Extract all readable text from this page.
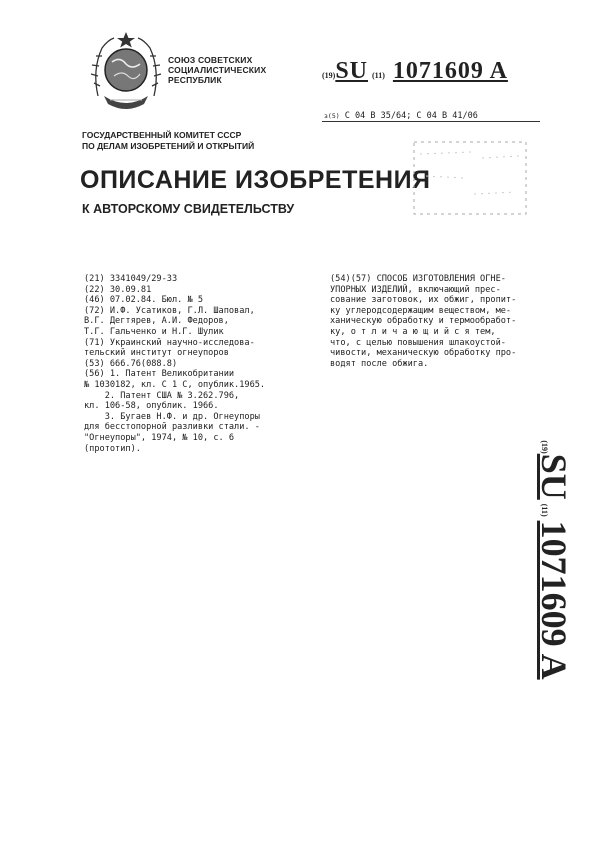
СОЮЗ СОВЕТСКИХ
СОЦИАЛИСТИЧЕСКИХ
РЕСПУБЛИК	(19)SU (11) 1071609 A
з(5) С 04 В 35/64; С 04 В 41/06
ГОСУДАРСТВЕННЫЙ КОМИТЕТ СССР
ПО ДЕЛАМ ИЗОБРЕТЕНИЙ И ОТКРЫТИЙ
ОПИСАНИЕ ИЗОБРЕТЕНИЯ
К АВТОРСКОМУ СВИДЕТЕЛЬСТВУ
(21) 3341049/29-33
(22) 30.09.81
(46) 07.02.84. Бюл. № 5
(72) И.Ф. Усатиков, Г.Л. Шаповал,
В.Г. Дегтярев, А.И. Федоров,
Т.Г. Гальченко и Н.Г. Шулик
(71) Украинский научно-исследова-
тельский институт огнеупоров
(53) 666.76(088.8)
(56) 1. Патент Великобритании
№ 1030182, кл. С 1 С, опублик.1965.
2. Патент США № 3.262.796,
кл. 106-58, опублик. 1966.
3. Бугаев Н.Ф. и др. Огнеупоры
для бесстопорной разливки стали. -
"Огнеупоры", 1974, № 10, с. 6
(прототип).
(54)(57) СПОСОБ ИЗГОТОВЛЕНИЯ ОГНЕ-
УПОРНЫХ ИЗДЕЛИЙ, включающий прес-
сование заготовок, их обжиг, пропит-
ку углеродсодержащим веществом, ме-
ханическую обработку и термообработ-
ку, о т л и ч а ю щ и й с я тем,
что, с целью повышения шлакоустой-
чивости, механическую обработку про-
водят после обжига.
(19)SU (11) 1071609 A
